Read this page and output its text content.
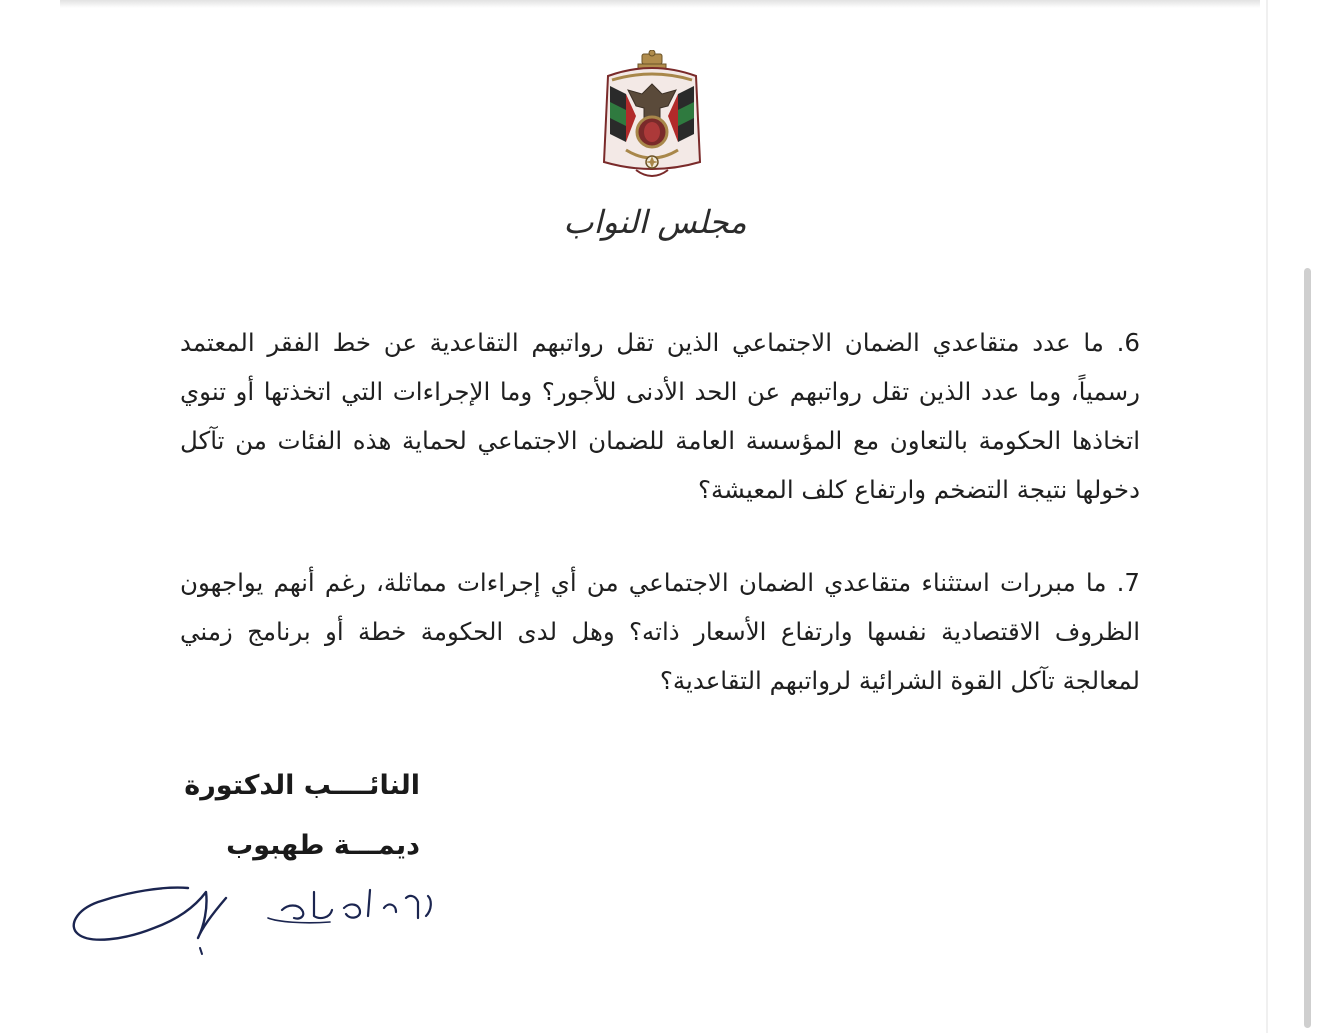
مجلس النواب

6. ما عدد متقاعدي الضمان الاجتماعي الذين تقل رواتبهم التقاعدية عن خط الفقر المعتمد رسمياً، وما عدد الذين تقل رواتبهم عن الحد الأدنى للأجور؟ وما الإجراءات التي اتخذتها أو تنوي اتخاذها الحكومة بالتعاون مع المؤسسة العامة للضمان الاجتماعي لحماية هذه الفئات من تآكل دخولها نتيجة التضخم وارتفاع كلف المعيشة؟

7. ما مبررات استثناء متقاعدي الضمان الاجتماعي من أي إجراءات مماثلة، رغم أنهم يواجهون الظروف الاقتصادية نفسها وارتفاع الأسعار ذاته؟ وهل لدى الحكومة خطة أو برنامج زمني لمعالجة تآكل القوة الشرائية لرواتبهم التقاعدية؟

النائــــب الدكتورة
ديمـــة طهبوب
